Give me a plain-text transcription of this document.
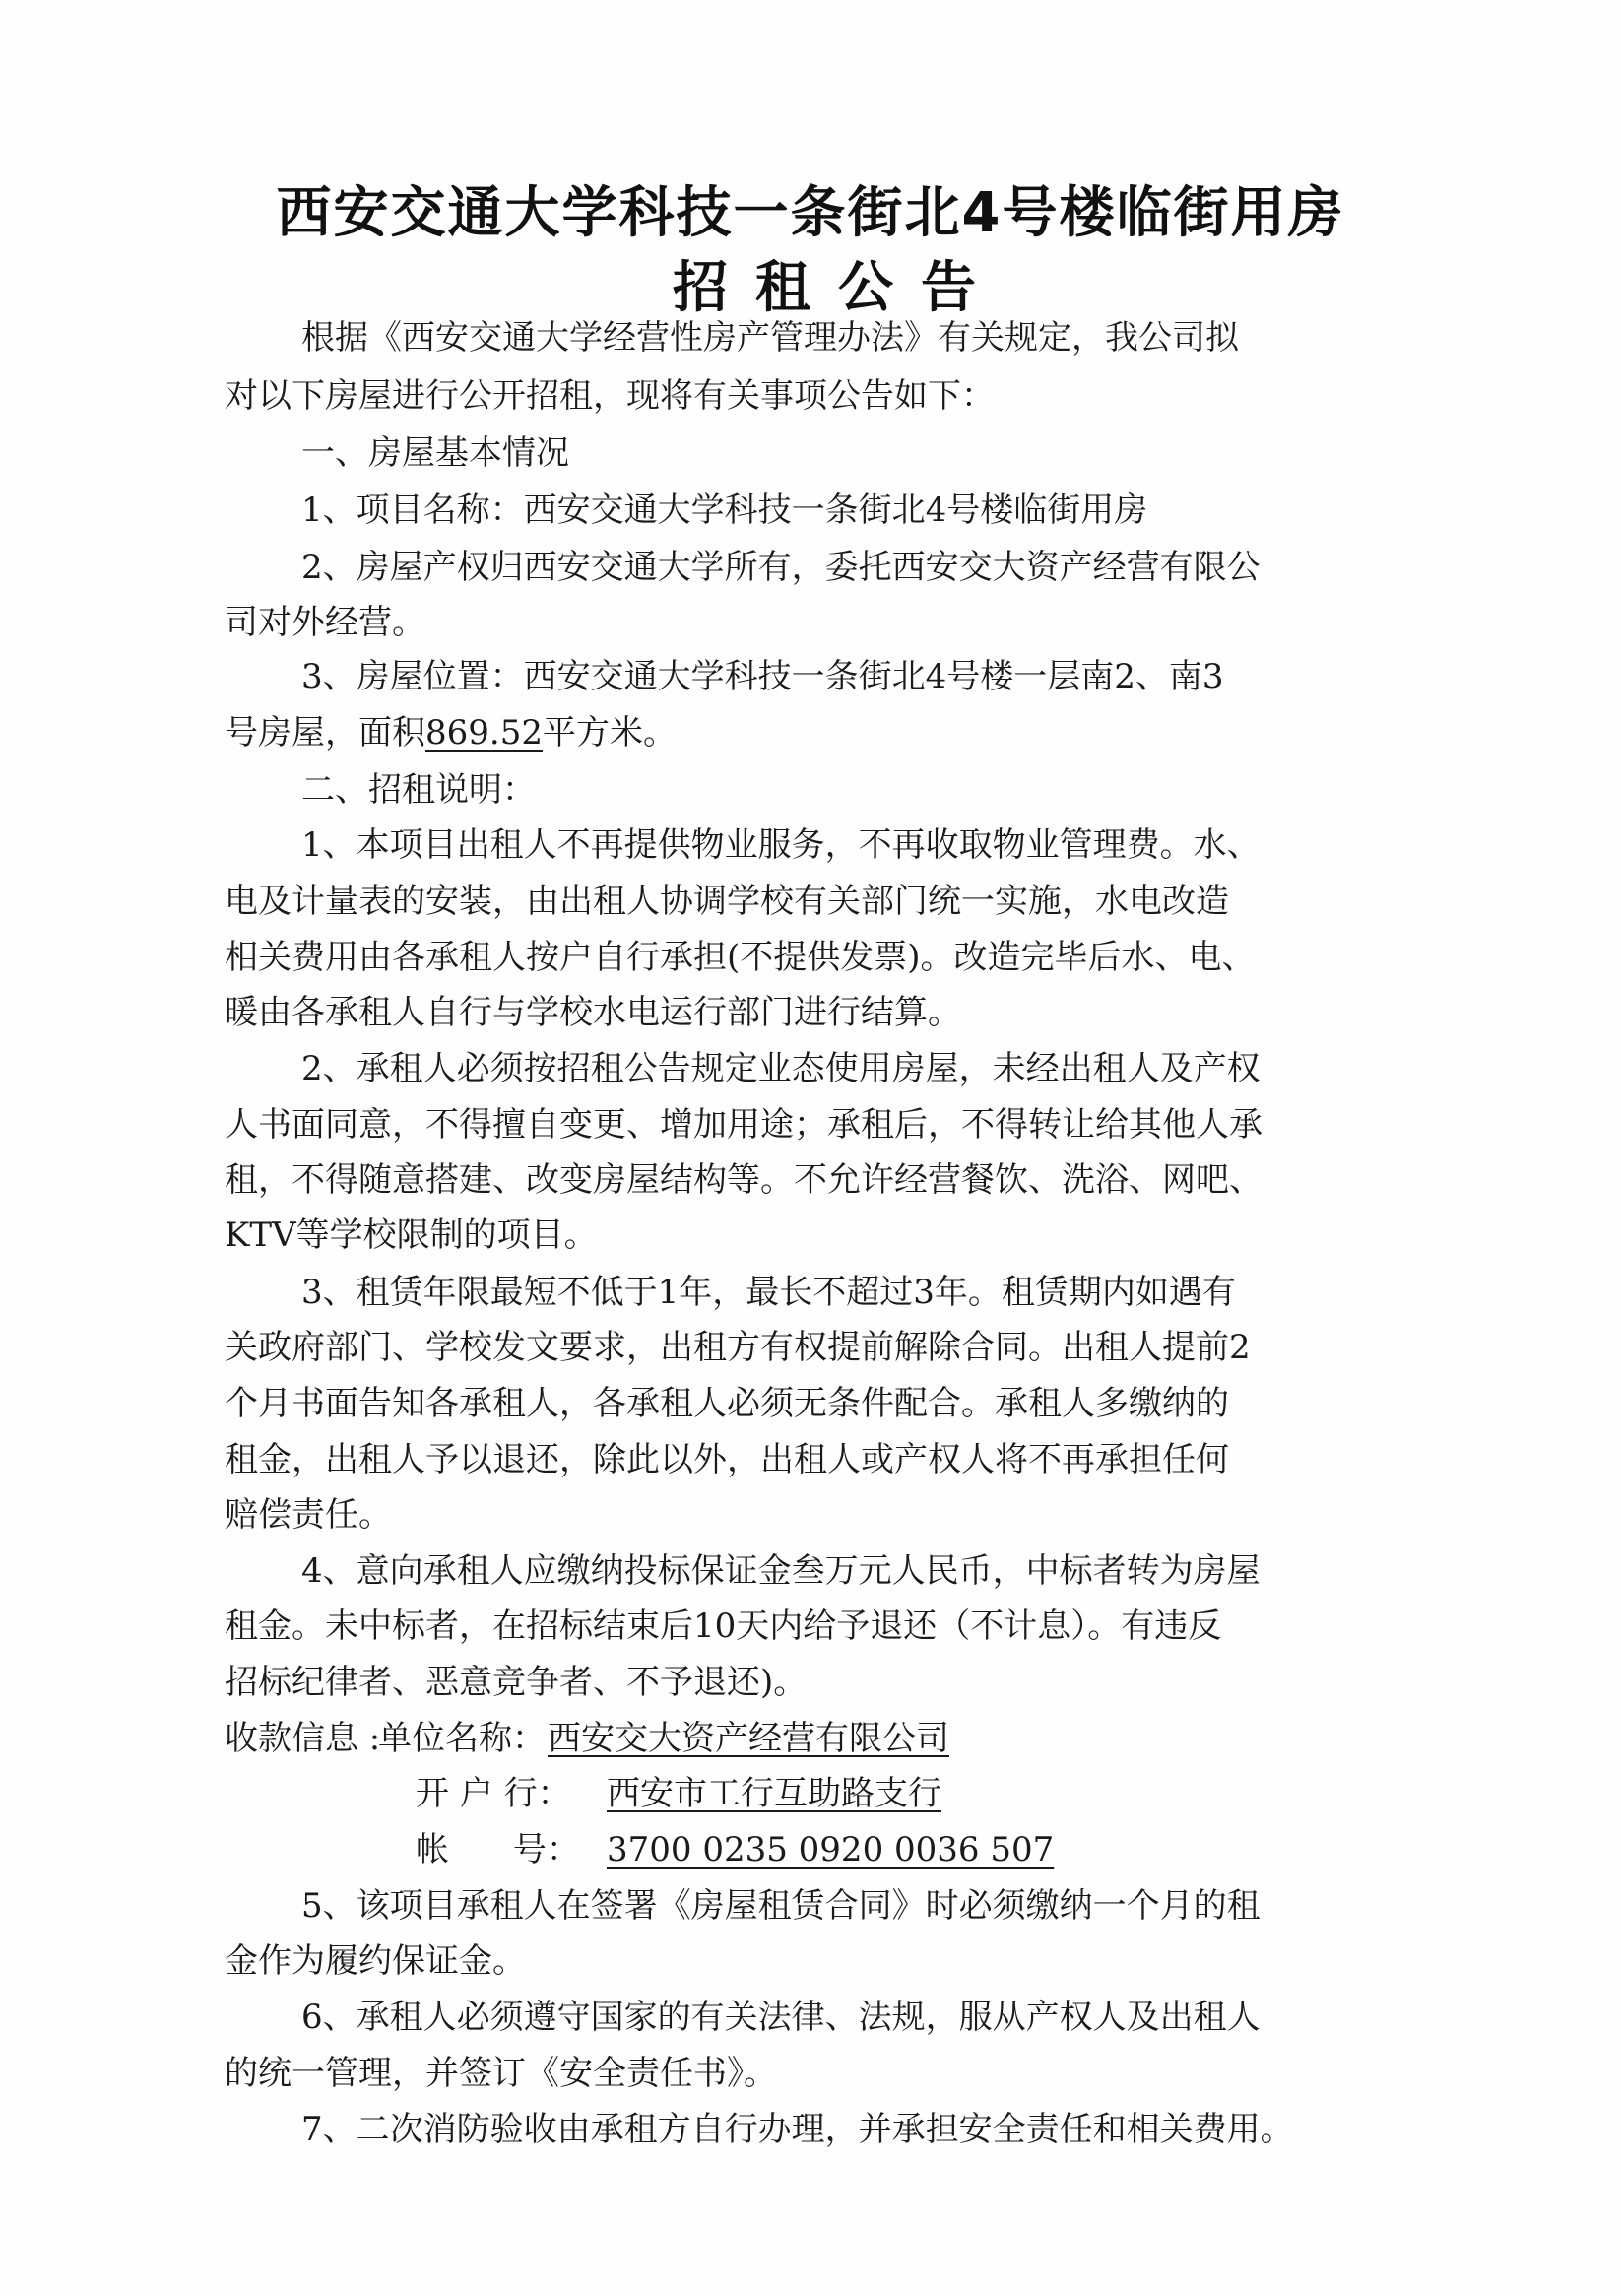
西安交通大学科技一条街北4号楼临街用房
招租公告
根据《西安交通大学经营性房产管理办法》有关规定，我公司拟
对以下房屋进行公开招租，现将有关事项公告如下：
一、房屋基本情况
1、项目名称：西安交通大学科技一条街北4号楼临街用房
2、房屋产权归西安交通大学所有，委托西安交大资产经营有限公
司对外经营。
3、房屋位置：西安交通大学科技一条街北4号楼一层南2、南3
号房屋，面积869.52平方米。
二、招租说明：
1、本项目出租人不再提供物业服务，不再收取物业管理费。水、
电及计量表的安装，由出租人协调学校有关部门统一实施，水电改造
相关费用由各承租人按户自行承担(不提供发票)。改造完毕后水、电、
暖由各承租人自行与学校水电运行部门进行结算。
2、承租人必须按招租公告规定业态使用房屋，未经出租人及产权
人书面同意，不得擅自变更、增加用途；承租后，不得转让给其他人承
租，不得随意搭建、改变房屋结构等。不允许经营餐饮、洗浴、网吧、
KTV等学校限制的项目。
3、租赁年限最短不低于1年，最长不超过3年。租赁期内如遇有
关政府部门、学校发文要求，出租方有权提前解除合同。出租人提前2
个月书面告知各承租人，各承租人必须无条件配合。承租人多缴纳的
租金，出租人予以退还，除此以外，出租人或产权人将不再承担任何
赔偿责任。
4、意向承租人应缴纳投标保证金叁万元人民币，中标者转为房屋
租金。未中标者，在招标结束后10天内给予退还（不计息）。有违反
招标纪律者、恶意竞争者、不予退还)。
收款信息 :
单位名称： 西安交大资产经营有限公司
开 户 行： 西安市工行互助路支行
帐      号： 3700 0235 0920 0036 507
5、该项目承租人在签署《房屋租赁合同》时必须缴纳一个月的租
金作为履约保证金。
6、承租人必须遵守国家的有关法律、法规，服从产权人及出租人
的统一管理，并签订《安全责任书》。
7、二次消防验收由承租方自行办理，并承担安全责任和相关费用。
